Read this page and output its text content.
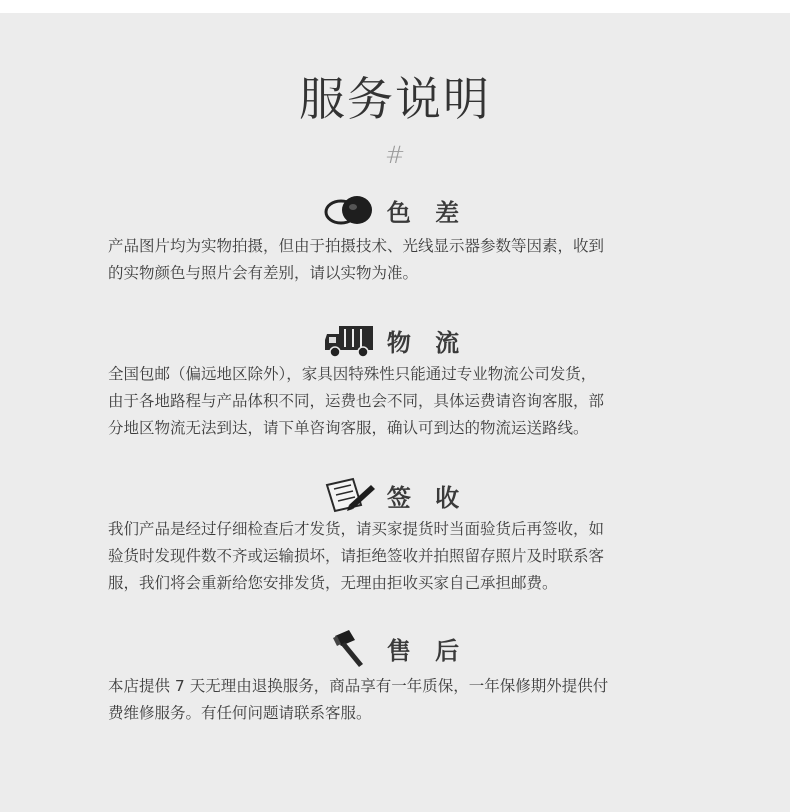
服务说明
#
色 差

产品图片均为实物拍摄，但由于拍摄技术、光线显示器参数等因素，收到
的实物颜色与照片会有差别，请以实物为准。

物 流

全国包邮（偏远地区除外），家具因特殊性只能通过专业物流公司发货，
由于各地路程与产品体积不同，运费也会不同，具体运费请咨询客服，部
分地区物流无法到达，请下单咨询客服，确认可到达的物流运送路线。

签 收

我们产品是经过仔细检查后才发货，请买家提货时当面验货后再签收，如
验货时发现件数不齐或运输损坏，请拒绝签收并拍照留存照片及时联系客
服，我们将会重新给您安排发货，无理由拒收买家自己承担邮费。

售 后

本店提供 7 天无理由退换服务，商品享有一年质保，一年保修期外提供付
费维修服务。有任何问题请联系客服。
